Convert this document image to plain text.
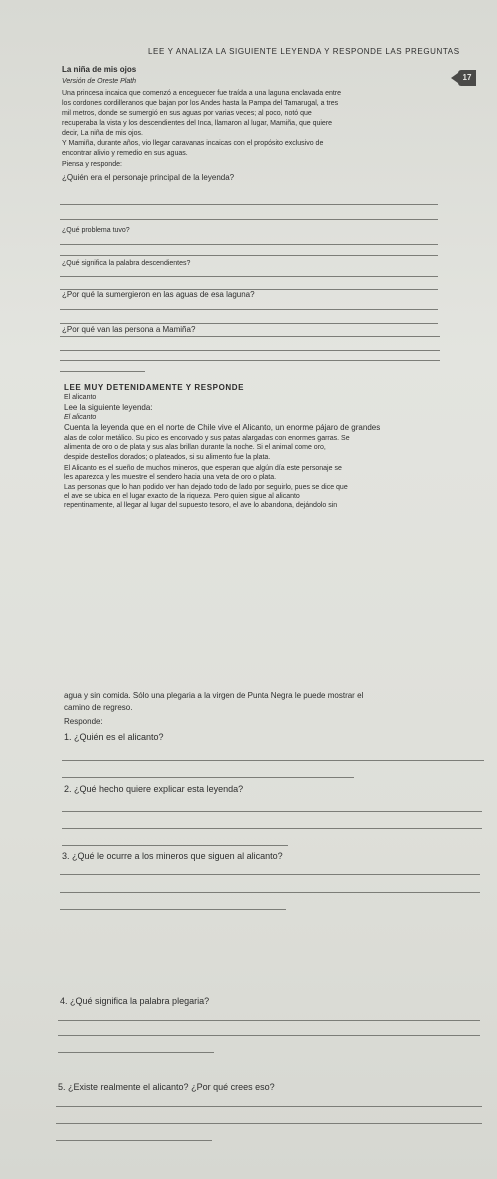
LEE Y ANALIZA LA SIGUIENTE LEYENDA Y RESPONDE LAS PREGUNTAS
La niña de mis ojos
Versión de Oreste Plath
Una princesa incaica que comenzó a enceguecer fue traída a una laguna enclavada entre
los cordones cordilleranos que bajan por los Andes hasta la Pampa del Tamarugal, a tres
mil metros, donde se sumergió en sus aguas por varias veces; al poco, notó que
recuperaba la vista y los descendientes del Inca, llamaron al lugar, Mamiña, que quiere
decir, La niña de mis ojos.
Y Mamiña, durante años, vio llegar caravanas incaicas con el propósito exclusivo de
encontrar alivio y remedio en sus aguas.
17
Piensa y responde:
¿Quién era el personaje principal de la leyenda?
¿Qué problema tuvo?
¿Qué significa la palabra descendientes?
¿Por qué la sumergieron en las aguas de esa laguna?
¿Por qué van las persona a Mamiña?
LEE MUY DETENIDAMENTE Y RESPONDE
El alicanto
Lee la siguiente leyenda:
El alicanto
Cuenta la leyenda que en el norte de Chile vive el Alicanto, un enorme pájaro de grandes
alas de color metálico. Su pico es encorvado y sus patas alargadas con enormes garras. Se
alimenta de oro o de plata y sus alas brillan durante la noche. Si el animal come oro,
despide destellos dorados; o plateados, si su alimento fue la plata.
El Alicanto es el sueño de muchos mineros, que esperan que algún día este personaje se
les aparezca y les muestre el sendero hacia una veta de oro o plata.
Las personas que lo han podido ver han dejado todo de lado por seguirlo, pues se dice que
el ave se ubica en el lugar exacto de la riqueza. Pero quien sigue al alicanto
repentinamente, al llegar al lugar del supuesto tesoro, el ave lo abandona, dejándolo sin
agua y sin comida. Sólo una plegaria a la virgen de Punta Negra le puede mostrar el
camino de regreso.
Responde:
1. ¿Quién es el alicanto?
2. ¿Qué hecho quiere explicar esta leyenda?
3. ¿Qué le ocurre a los mineros que siguen al alicanto?
4. ¿Qué significa la palabra plegaria?
5. ¿Existe realmente el alicanto? ¿Por qué crees eso?
